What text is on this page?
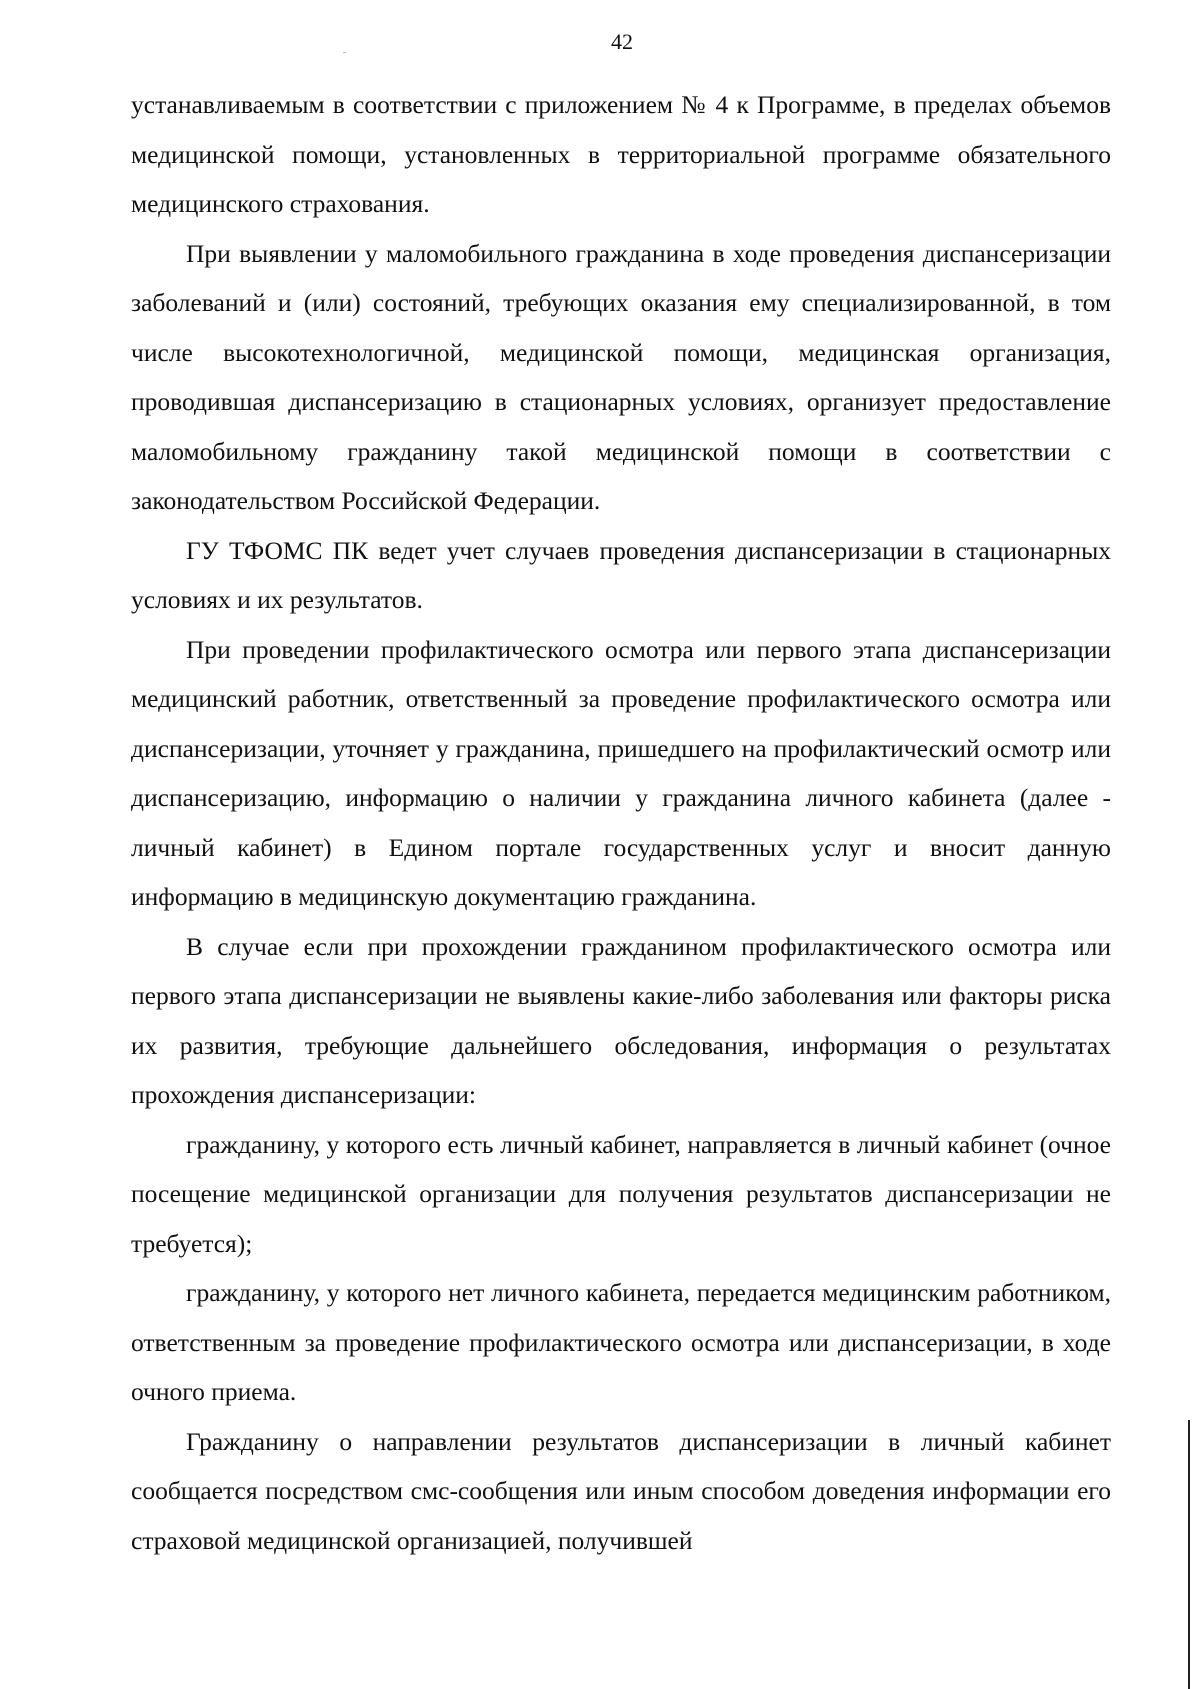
42

устанавливаемым в соответствии с приложением № 4 к Программе, в пределах объемов медицинской помощи, установленных в территориальной программе обязательного медицинского страхования.

При выявлении у маломобильного гражданина в ходе проведения диспансеризации заболеваний и (или) состояний, требующих оказания ему специализированной, в том числе высокотехнологичной, медицинской помощи, медицинская организация, проводившая диспансеризацию в стационарных условиях, организует предоставление маломобильному гражданину такой медицинской помощи в соответствии с законодательством Российской Федерации.

ГУ ТФОМС ПК ведет учет случаев проведения диспансеризации в стационарных условиях и их результатов.

При проведении профилактического осмотра или первого этапа диспансеризации медицинский работник, ответственный за проведение профилактического осмотра или диспансеризации, уточняет у гражданина, пришедшего на профилактический осмотр или диспансеризацию, информацию о наличии у гражданина личного кабинета (далее - личный кабинет) в Едином портале государственных услуг и вносит данную информацию в медицинскую документацию гражданина.

В случае если при прохождении гражданином профилактического осмотра или первого этапа диспансеризации не выявлены какие-либо заболевания или факторы риска их развития, требующие дальнейшего обследования, информация о результатах прохождения диспансеризации:

гражданину, у которого есть личный кабинет, направляется в личный кабинет (очное посещение медицинской организации для получения результатов диспансеризации не требуется);

гражданину, у которого нет личного кабинета, передается медицинским работником, ответственным за проведение профилактического осмотра или диспансеризации, в ходе очного приема.

Гражданину о направлении результатов диспансеризации в личный кабинет сообщается посредством смс-сообщения или иным способом доведения информации его страховой медицинской организацией, получившей
